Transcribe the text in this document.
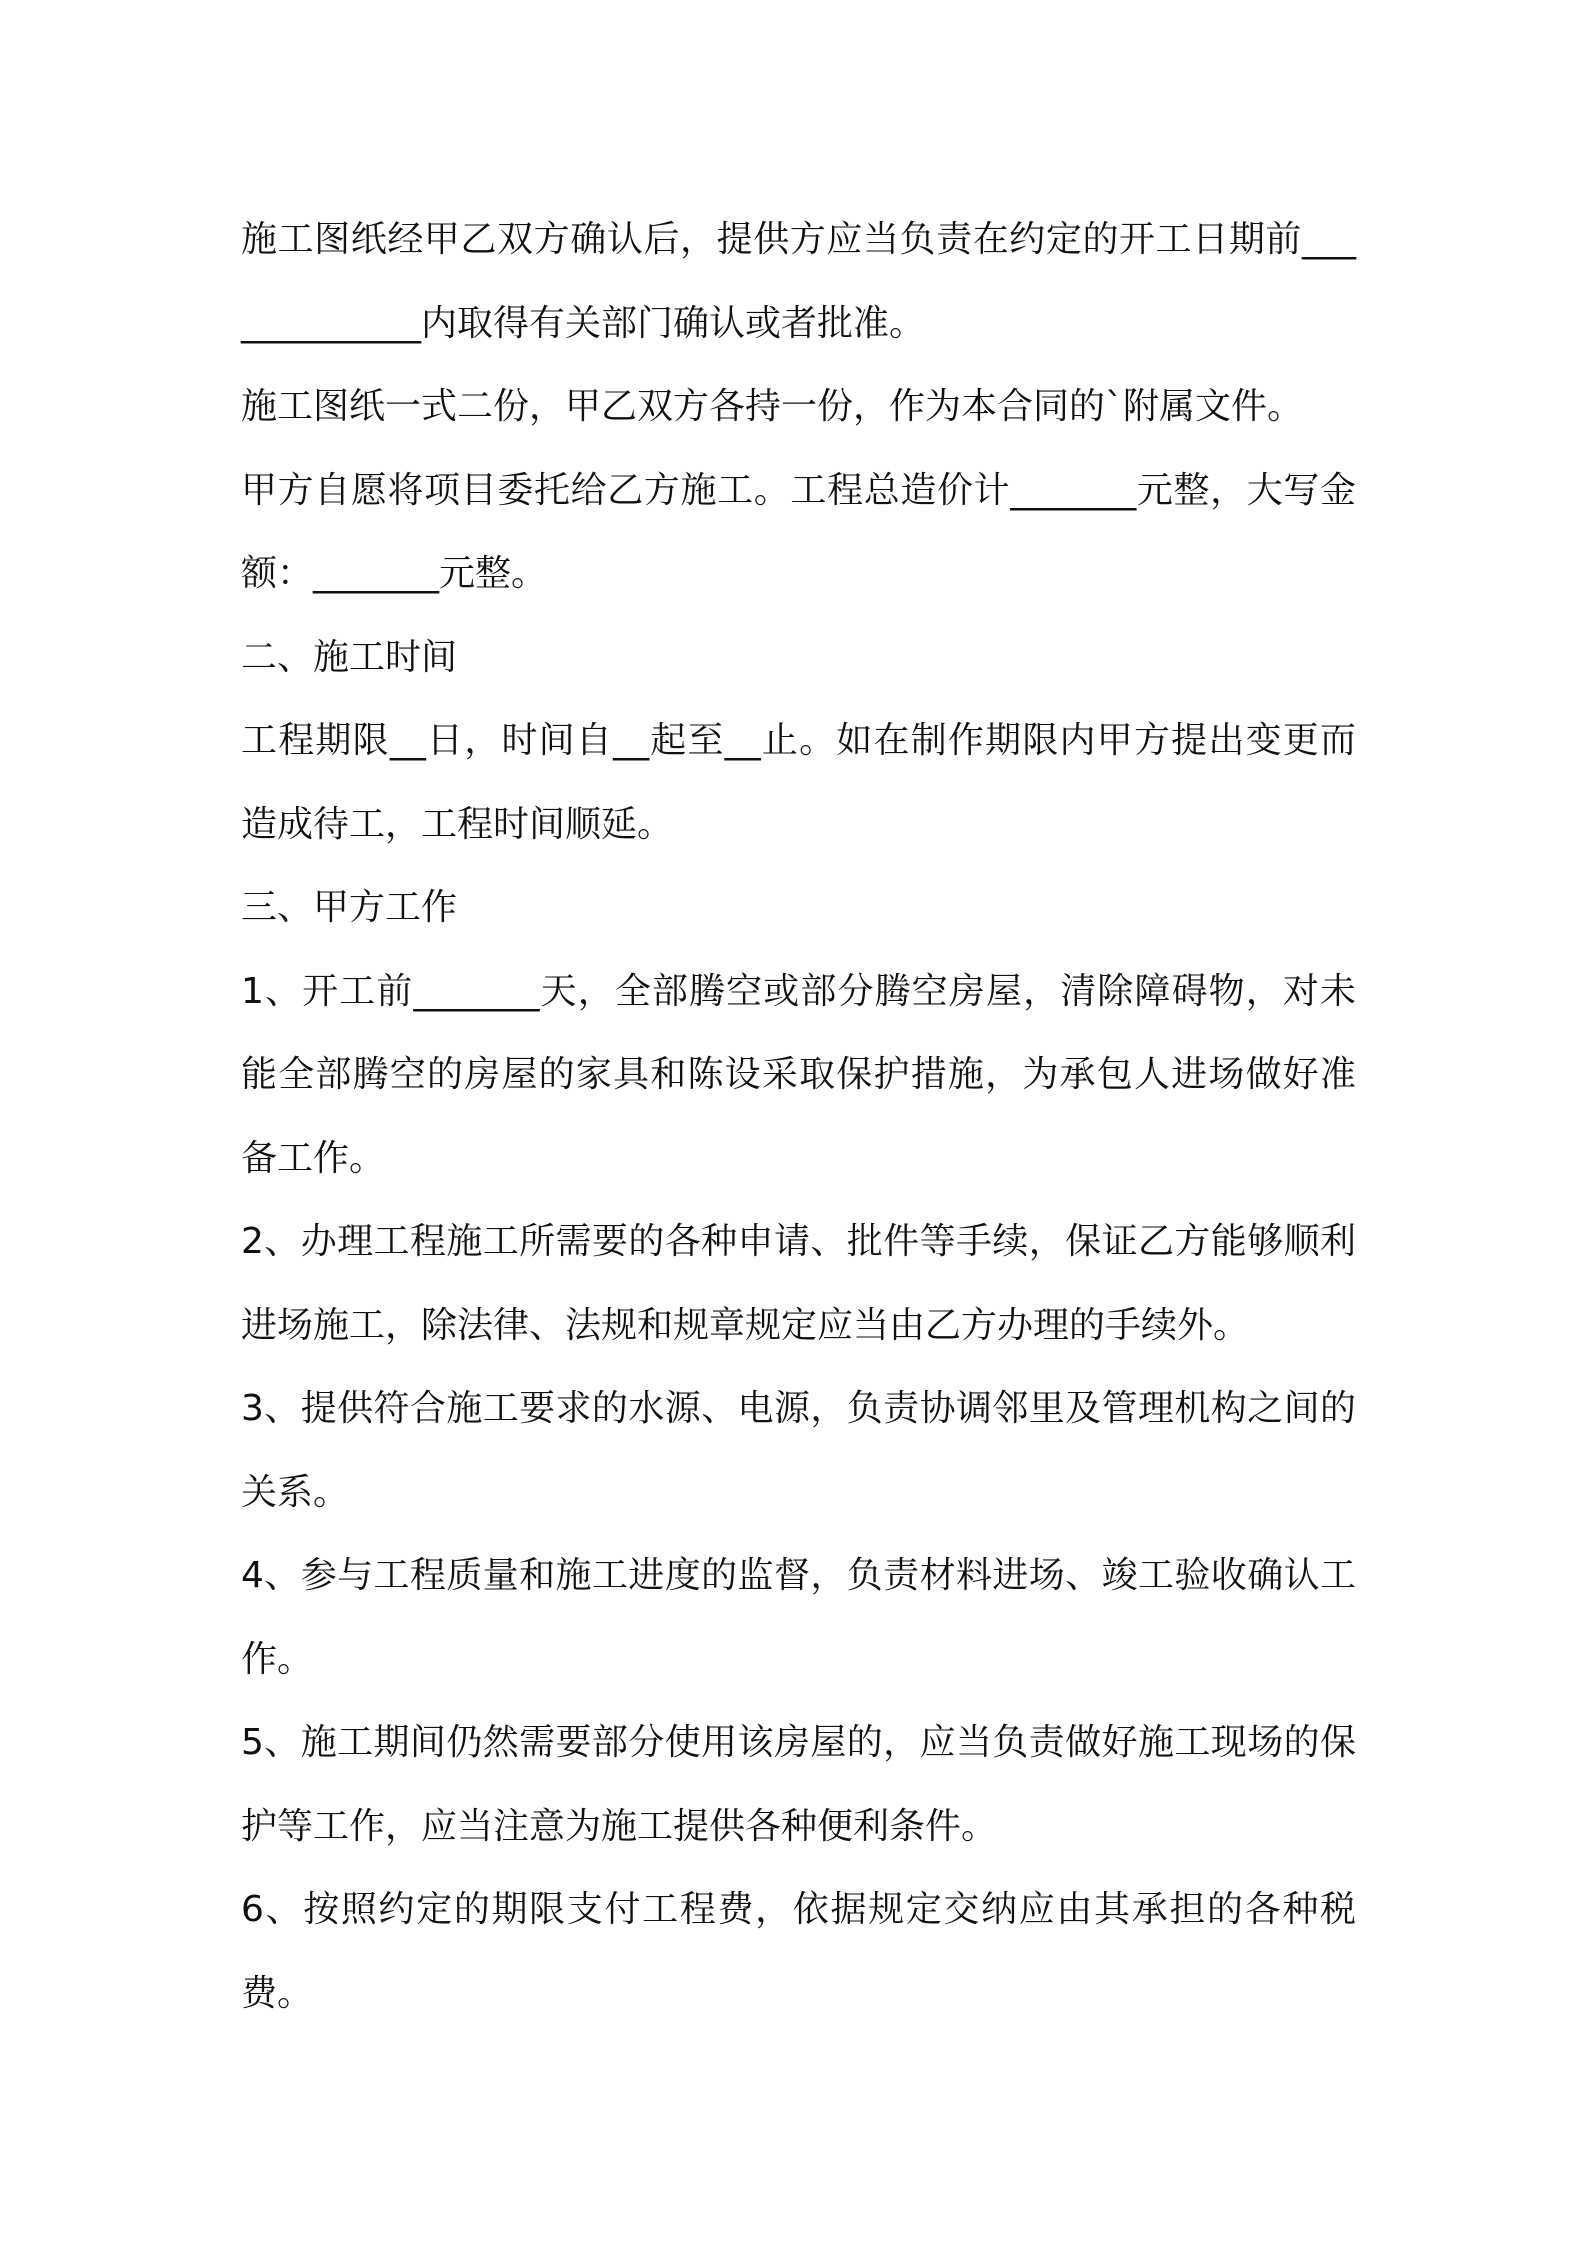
施工图纸经甲乙双方确认后，提供方应当负责在约定的开工日期前_____________内取得有关部门确认或者批准。

施工图纸一式二份，甲乙双方各持一份，作为本合同的`附属文件。

甲方自愿将项目委托给乙方施工。工程总造价计_______元整，大写金额：_______元整。

二、施工时间

工程期限__日，时间自__起至__止。如在制作期限内甲方提出变更而造成待工，工程时间顺延。

三、甲方工作

1、开工前_______天，全部腾空或部分腾空房屋，清除障碍物，对未能全部腾空的房屋的家具和陈设采取保护措施，为承包人进场做好准备工作。

2、办理工程施工所需要的各种申请、批件等手续，保证乙方能够顺利进场施工，除法律、法规和规章规定应当由乙方办理的手续外。

3、提供符合施工要求的水源、电源，负责协调邻里及管理机构之间的关系。

4、参与工程质量和施工进度的监督，负责材料进场、竣工验收确认工作。

5、施工期间仍然需要部分使用该房屋的，应当负责做好施工现场的保护等工作，应当注意为施工提供各种便利条件。

6、按照约定的期限支付工程费，依据规定交纳应由其承担的各种税费。
